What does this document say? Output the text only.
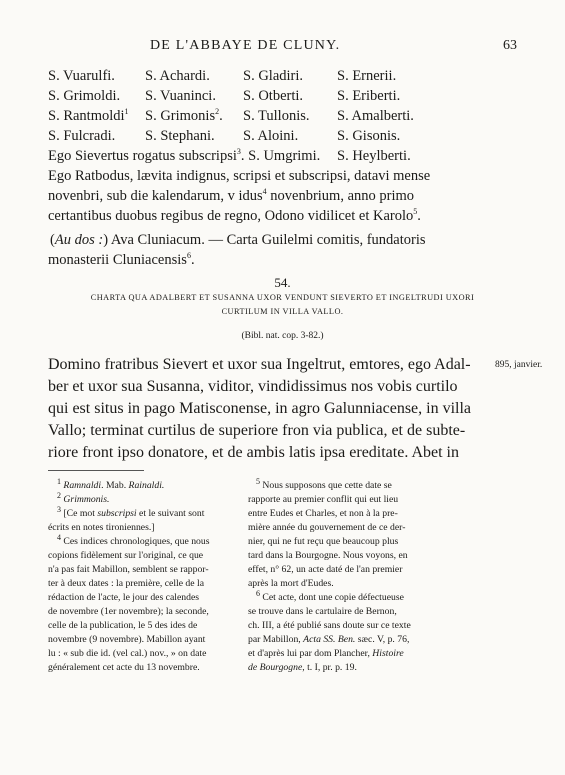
DE L'ABBAYE DE CLUNY.	63
S. Vuarulfi. S. Achardi. S. Gladiri. S. Ernerii.
S. Grimoldi. S. Vuaninci. S. Otberti. S. Eriberti.
S. Rantmoldi$^1$ S. Grimonis$^2$. S. Tullonis. S. Amalberti.
S. Fulcradi. S. Stephani. S. Aloini.	S. Gisonis.
Ego Sievertus rogatus subscripsi$^3$. S. Umgrimi. S. Heylberti.
Ego Ratbodus, lævita indignus, scripsi et subscripsi, datavi mense
novenbri, sub die kalendarum, v idus$^4$ novenbrium, anno primo
certantibus duobus regibus de regno, Odono vidilicet et Karolo$^5$.
(Au dos :) Ava Cluniacum. — Carta Guilelmi comitis, fundatoris
monasterii Cluniacensis$^6$.
54.
CHARTA QUA ADALBERT ET SUSANNA UXOR VENDUNT SIEVERTO ET INGELTRUDI UXORI
CURTILUM IN VILLA VALLO.
(Bibl. nat. cop. 3-82.)
895, janvier.
Domino fratribus Sievert et uxor sua Ingeltrut, emtores, ego Adal-
ber et uxor sua Susanna, viditor, vindidissimus nos vobis curtilo
qui est situs in pago Matisconense, in agro Galunniacense, in villa
Vallo; terminat curtilus de superiore fron via publica, et de subte-
riore front ipso donatore, et de ambis latis ipsa ereditate. Abet in
$^1$ Ramnaldi. Mab. Rainaldi.
$^2$ Grimmonis.
$^3$ [Ce mot subscripsi et le suivant sont
écrits en notes tironiennes.]
$^4$ Ces indices chronologiques, que nous
copions fidèlement sur l'original, ce que
n'a pas fait Mabillon, semblent se rappor-
ter à deux dates : la première, celle de la
rédaction de l'acte, le jour des calendes
de novembre (1er novembre); la seconde,
celle de la publication, le 5 des ides de
novembre (9 novembre). Mabillon ayant
lu : « sub die id. (vel cal.) nov., » on date
généralement cet acte du 13 novembre.
$^5$ Nous supposons que cette date se
rapporte au premier conflit qui eut lieu
entre Eudes et Charles, et non à la pre-
mière année du gouvernement de ce der-
nier, qui ne fut reçu que beaucoup plus
tard dans la Bourgogne. Nous voyons, en
effet, n° 62, un acte daté de l'an premier
après la mort d'Eudes.
$^6$ Cet acte, dont une copie défectueuse
se trouve dans le cartulaire de Bernon,
ch. III, a été publié sans doute sur ce texte
par Mabillon, Acta SS. Ben. sæc. V, p. 76,
et d'après lui par dom Plancher, Histoire
de Bourgogne, t. I, pr. p. 19.
